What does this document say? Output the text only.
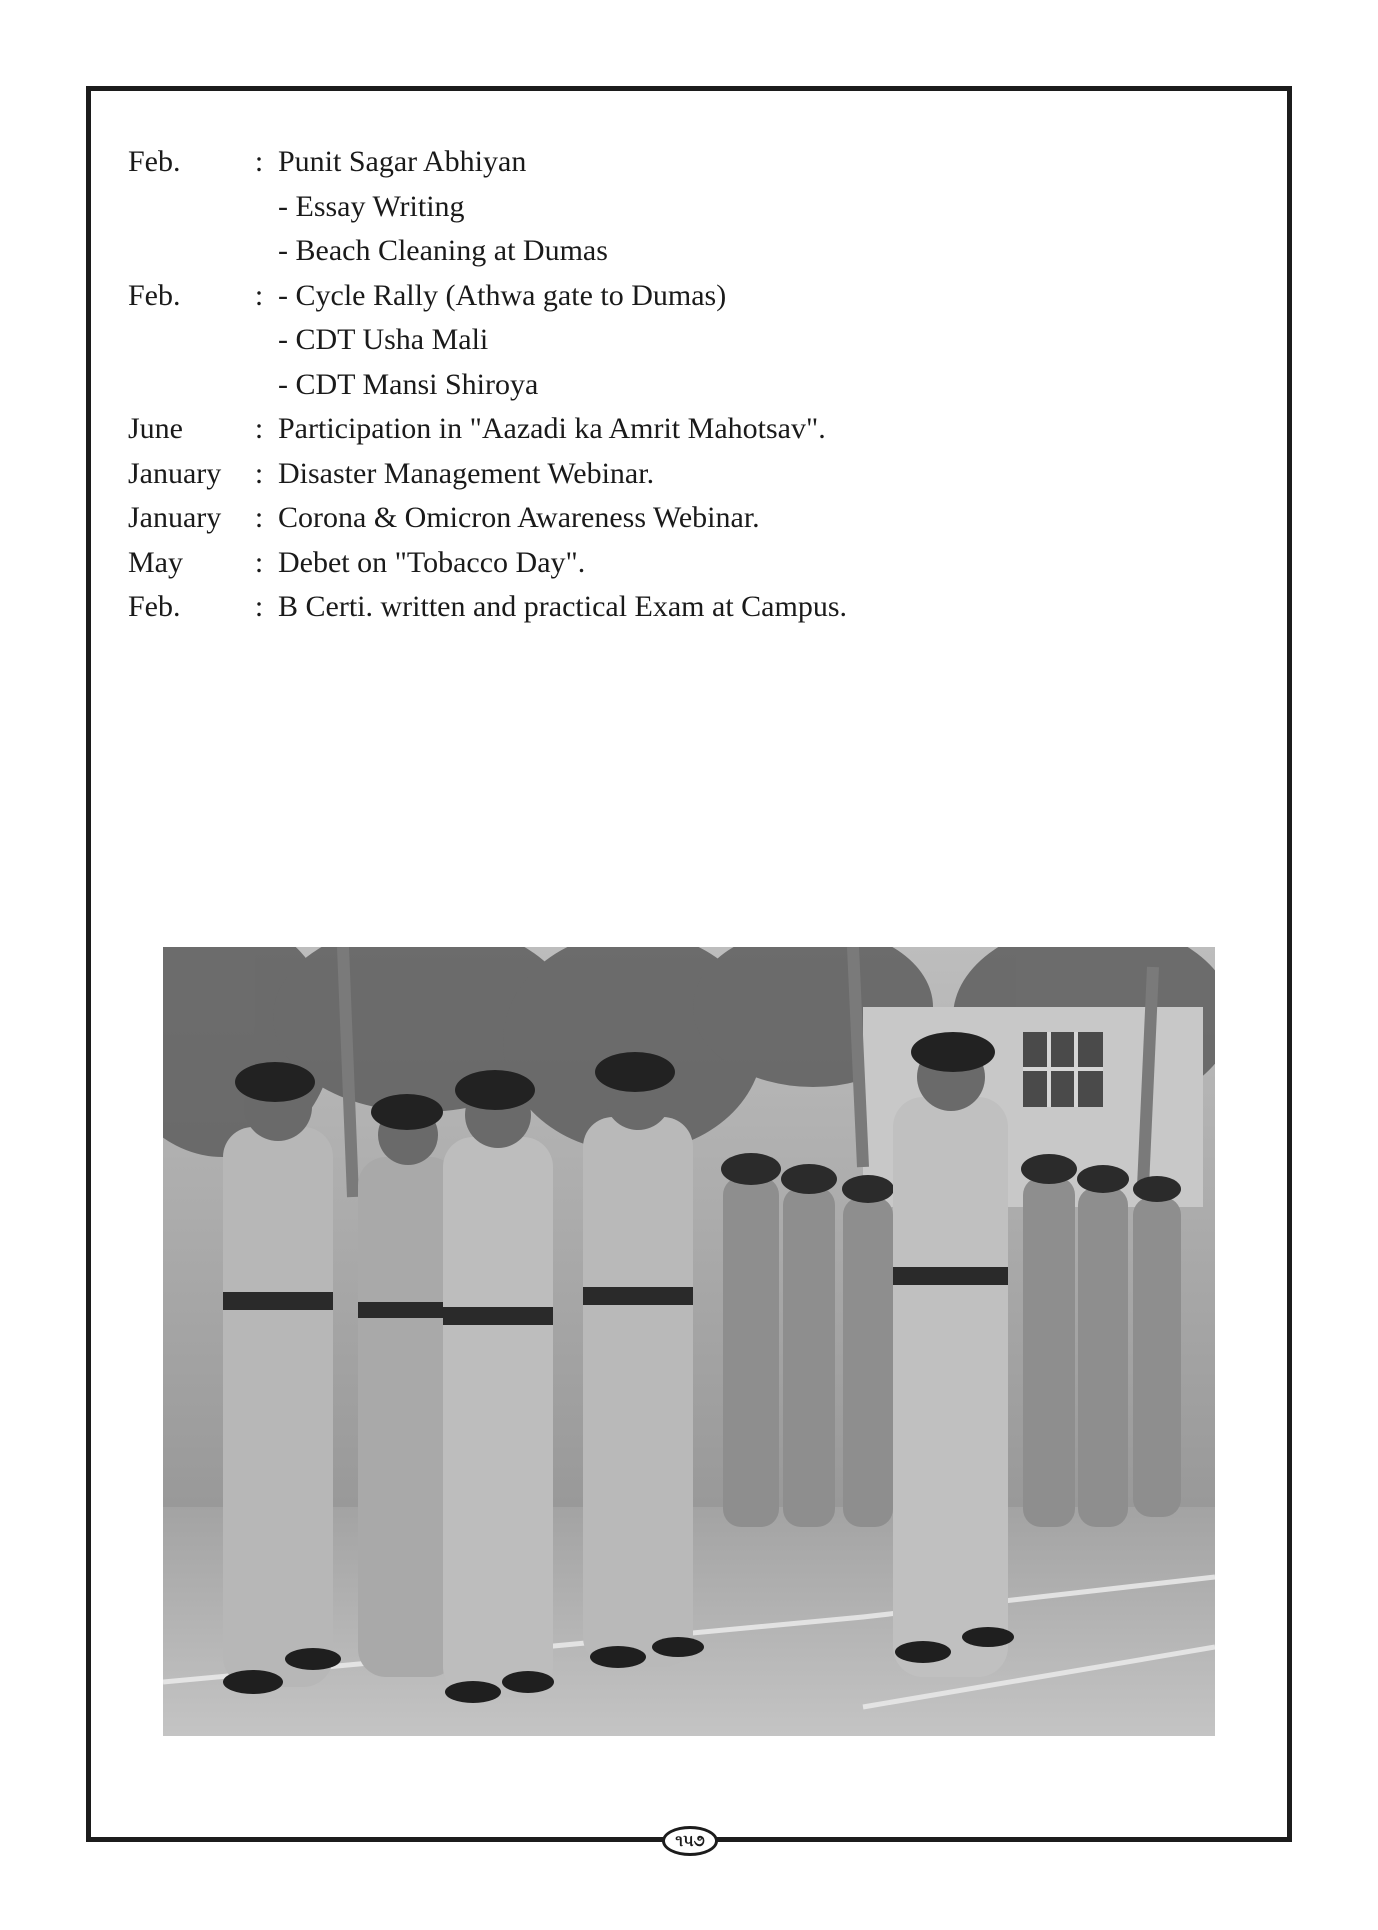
Feb.	: Punit Sagar Abhiyan
- Essay Writing
- Beach Cleaning at Dumas
Feb.	: - Cycle Rally (Athwa gate to Dumas)
- CDT Usha Mali
- CDT Mansi Shiroya
June	: Participation in "Aazadi ka Amrit Mahotsav".
January	: Disaster Management Webinar.
January	: Corona & Omicron Awareness Webinar.
May	: Debet on "Tobacco Day".
Feb.	: B Certi. written and practical Exam at Campus.
૧૫૭
